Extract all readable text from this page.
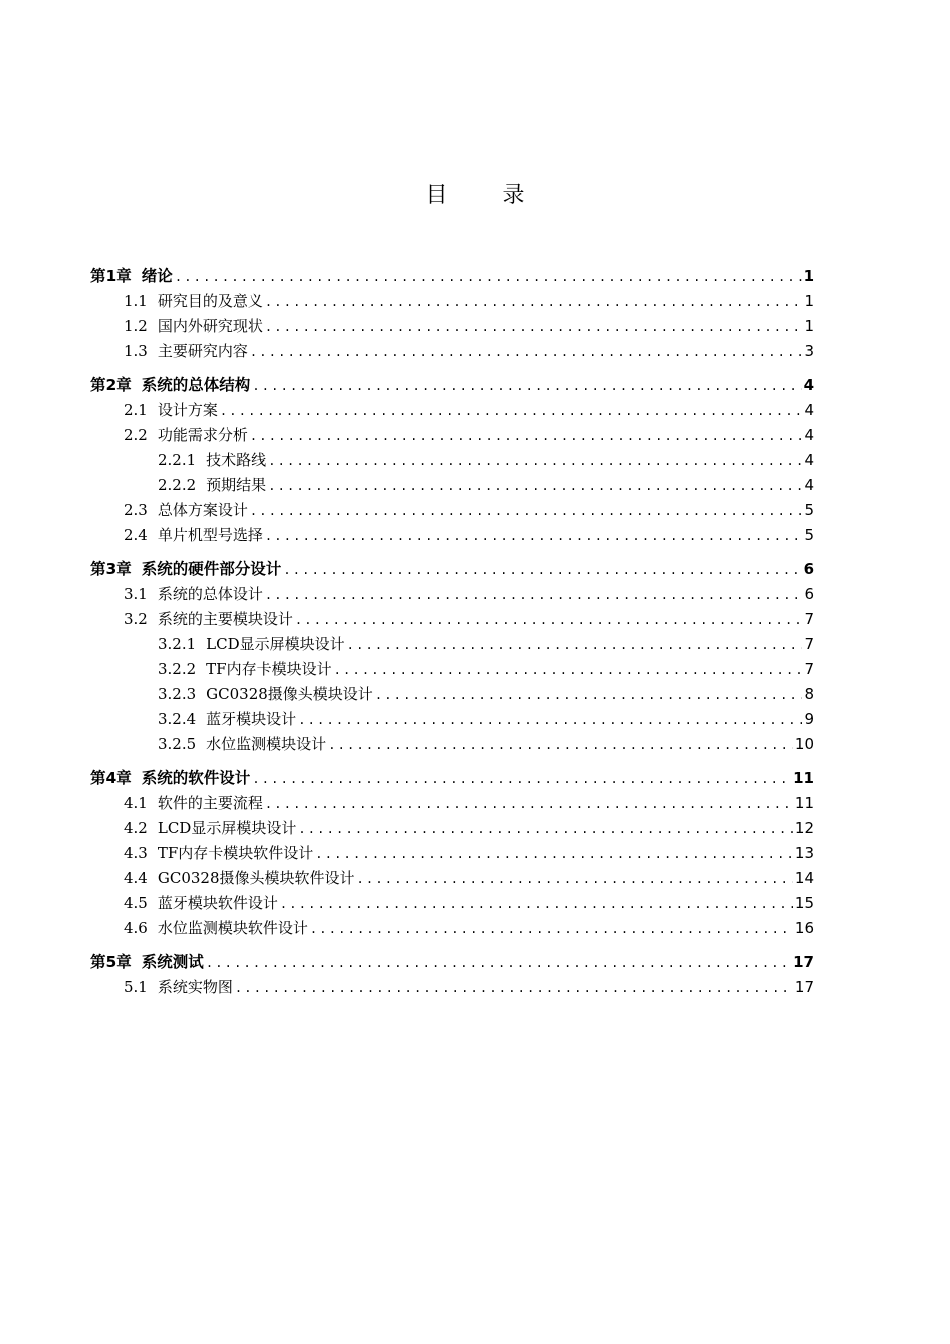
目 录
第1章 绪论 .....	1
1.1 研究目的及意义 .....	1
1.2 国内外研究现状 .....	1
1.3 主要研究内容 .....	3
第2章 系统的总体结构 .....	4
2.1 设计方案 .....	4
2.2 功能需求分析 .....	4
2.2.1 技术路线 .....	4
2.2.2 预期结果 .....	4
2.3 总体方案设计 .....	5
2.4 单片机型号选择 .....	5
第3章 系统的硬件部分设计 .....	6
3.1 系统的总体设计 .....	6
3.2 系统的主要模块设计 .....	7
3.2.1 LCD显示屏模块设计 .....	7
3.2.2 TF内存卡模块设计 .....	7
3.2.3 GC0328摄像头模块设计 .....	8
3.2.4 蓝牙模块设计 .....	9
3.2.5 水位监测模块设计 .....	10
第4章 系统的软件设计 .....	11
4.1 软件的主要流程 .....	11
4.2 LCD显示屏模块设计 .....	12
4.3 TF内存卡模块软件设计 .....	13
4.4 GC0328摄像头模块软件设计 .....	14
4.5 蓝牙模块软件设计 .....	15
4.6 水位监测模块软件设计 .....	16
第5章 系统测试 .....	17
5.1 系统实物图 .....	17
